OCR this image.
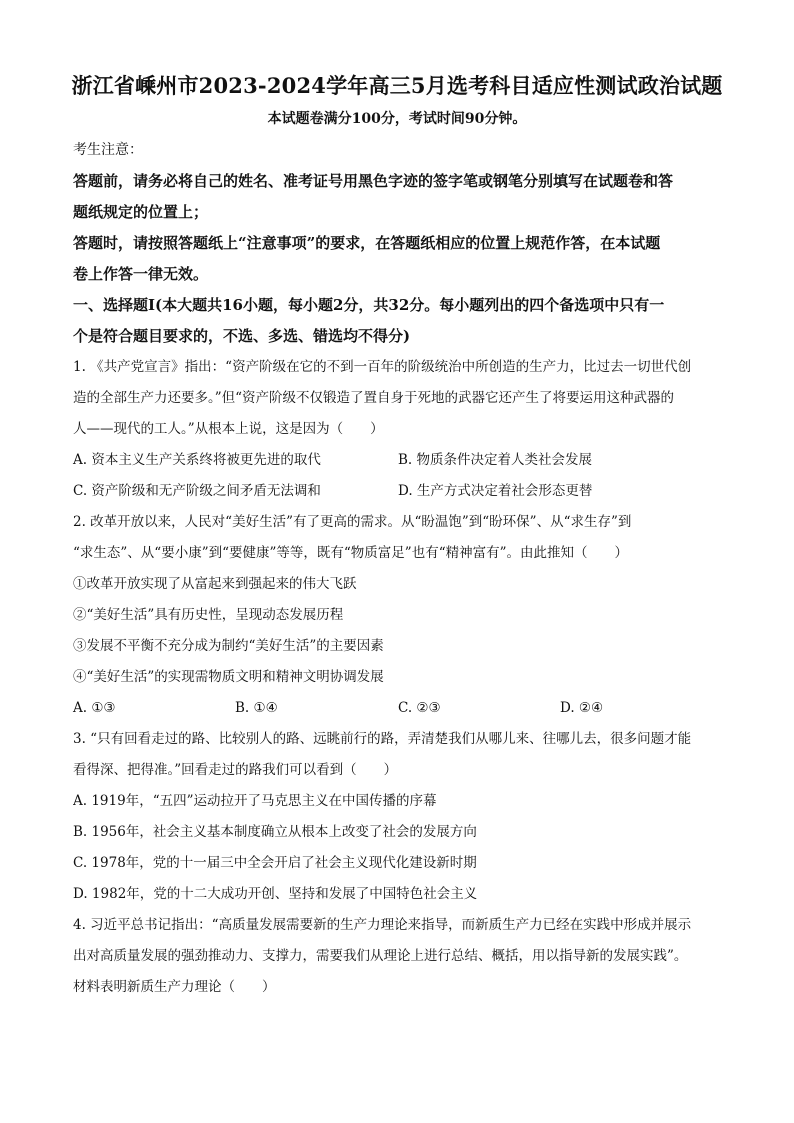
浙江省嵊州市2023-2024学年高三5月选考科目适应性测试政治试题
本试题卷满分100分，考试时间90分钟。
考生注意：
答题前，请务必将自己的姓名、准考证号用黑色字迹的签字笔或钢笔分别填写在试题卷和答
题纸规定的位置上；
答题时，请按照答题纸上“注意事项”的要求，在答题纸相应的位置上规范作答，在本试题
卷上作答一律无效。
一、选择题Ⅰ(本大题共16小题，每小题2分，共32分。每小题列出的四个备选项中只有一
个是符合题目要求的，不选、多选、错选均不得分)
1. 《共产党宣言》指出：“资产阶级在它的不到一百年的阶级统治中所创造的生产力，比过去一切世代创
造的全部生产力还要多。”但“资产阶级不仅锻造了置自身于死地的武器它还产生了将要运用这种武器的
人——现代的工人。”从根本上说，这是因为（　　）
A. 资本主义生产关系终将被更先进的取代	B. 物质条件决定着人类社会发展
C. 资产阶级和无产阶级之间矛盾无法调和	D. 生产方式决定着社会形态更替
2. 改革开放以来，人民对“美好生活”有了更高的需求。从“盼温饱”到“盼环保”、从“求生存”到
“求生态”、从“要小康”到“要健康”等等，既有“物质富足”也有“精神富有”。由此推知（　　）
①改革开放实现了从富起来到强起来的伟大飞跃
②“美好生活”具有历史性，呈现动态发展历程
③发展不平衡不充分成为制约“美好生活”的主要因素
④“美好生活”的实现需物质文明和精神文明协调发展
A. ①③	B. ①④	C. ②③	D. ②④
3. “只有回看走过的路、比较别人的路、远眺前行的路，弄清楚我们从哪儿来、往哪儿去，很多问题才能
看得深、把得准。”回看走过的路我们可以看到（　　）
A. 1919年，“五四”运动拉开了马克思主义在中国传播的序幕
B. 1956年，社会主义基本制度确立从根本上改变了社会的发展方向
C. 1978年，党的十一届三中全会开启了社会主义现代化建设新时期
D. 1982年，党的十二大成功开创、坚持和发展了中国特色社会主义
4. 习近平总书记指出：“高质量发展需要新的生产力理论来指导，而新质生产力已经在实践中形成并展示
出对高质量发展的强劲推动力、支撑力，需要我们从理论上进行总结、概括，用以指导新的发展实践”。
材料表明新质生产力理论（　　）
